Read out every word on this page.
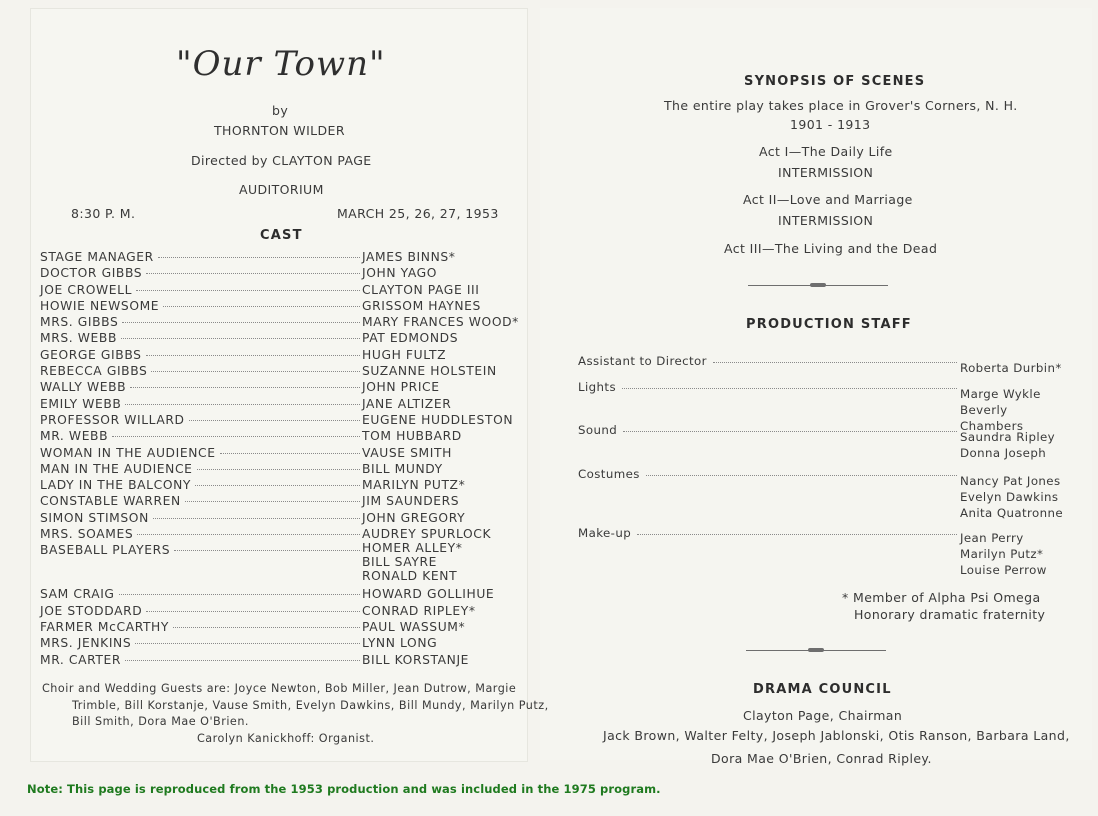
"Our Town"
by
THORNTON WILDER
Directed by CLAYTON PAGE
AUDITORIUM
8:30 P. M.	MARCH 25, 26, 27, 1953
CAST
STAGE MANAGER	JAMES BINNS*
DOCTOR GIBBS	JOHN YAGO
JOE CROWELL	CLAYTON PAGE III
HOWIE NEWSOME	GRISSOM HAYNES
MRS. GIBBS	MARY FRANCES WOOD*
MRS. WEBB	PAT EDMONDS
GEORGE GIBBS	HUGH FULTZ
REBECCA GIBBS	SUZANNE HOLSTEIN
WALLY WEBB	JOHN PRICE
EMILY WEBB	JANE ALTIZER
PROFESSOR WILLARD	EUGENE HUDDLESTON
MR. WEBB	TOM HUBBARD
WOMAN IN THE AUDIENCE	VAUSE SMITH
MAN IN THE AUDIENCE	BILL MUNDY
LADY IN THE BALCONY	MARILYN PUTZ*
CONSTABLE WARREN	JIM SAUNDERS
SIMON STIMSON	JOHN GREGORY
MRS. SOAMES	AUDREY SPURLOCK
BASEBALL PLAYERS	HOMER ALLEY*
BILL SAYRE
RONALD KENT
SAM CRAIG	HOWARD GOLLIHUE
JOE STODDARD	CONRAD RIPLEY*
FARMER McCARTHY	PAUL WASSUM*
MRS. JENKINS	LYNN LONG
MR. CARTER	BILL KORSTANJE
Choir and Wedding Guests are: Joyce Newton, Bob Miller, Jean Dutrow, Margie
Trimble, Bill Korstanje, Vause Smith, Evelyn Dawkins, Bill Mundy, Marilyn Putz,
Bill Smith, Dora Mae O'Brien.
Carolyn Kanickhoff: Organist.
SYNOPSIS OF SCENES
The entire play takes place in Grover's Corners, N. H.
1901 - 1913
Act I—The Daily Life
INTERMISSION
Act II—Love and Marriage
INTERMISSION
Act III—The Living and the Dead
PRODUCTION STAFF
Assistant to Director	Roberta Durbin*
Lights	Marge Wykle
Beverly Chambers
Sound	Saundra Ripley
Donna Joseph
Costumes	Nancy Pat Jones
Evelyn Dawkins
Anita Quatronne
Make-up	Jean Perry
Marilyn Putz*
Louise Perrow
* Member of Alpha Psi Omega
Honorary dramatic fraternity
DRAMA COUNCIL
Clayton Page, Chairman
Jack Brown, Walter Felty, Joseph Jablonski, Otis Ranson, Barbara Land,
Dora Mae O'Brien, Conrad Ripley.
Note: This page is reproduced from the 1953 production and was included in the 1975 program.
